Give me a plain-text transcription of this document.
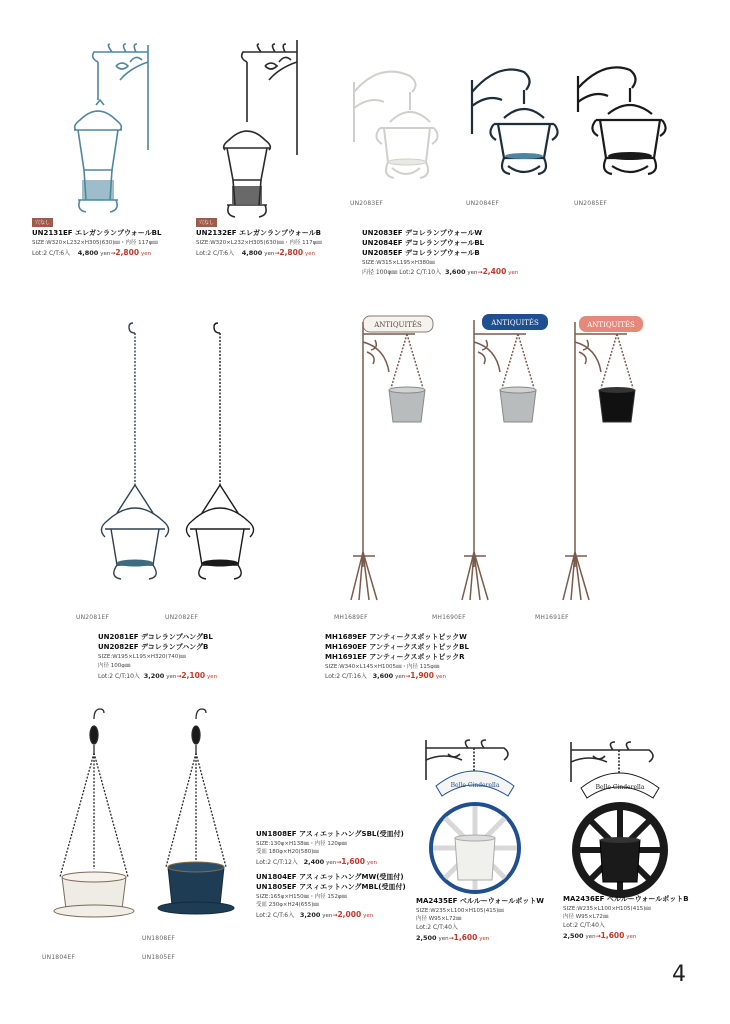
穴なし
UN2131EF エレガンランプウォールBL
SIZE:W320×L232×H305(630)㎜・内径 117φ㎜
Lot:2 C/T:6入 4,800 yen→2,800 yen
穴なし
UN2132EF エレガンランプウォールB
SIZE:W320×L232×H305(630)㎜・内径 117φ㎜
Lot:2 C/T:6入 4,800 yen→2,800 yen
UN2083EF	UN2084EF	UN2085EF
UN2083EF デコレランプウォールW
UN2084EF デコレランプウォールBL
UN2085EF デコレランプウォールB
SIZE:W315×L195×H380㎜
内径 100φ㎜ Lot:2 C/T:10入 3,600 yen→2,400 yen
UN2081EF	UN2082EF
UN2081EF デコレランプハングBL
UN2082EF デコレランプハングB
SIZE:W195×L195×H320(740)㎜
内径 100φ㎜
Lot:2 C/T:10入 3,200 yen→2,100 yen
ANTIQUITÉS	ANTIQUITÉS	ANTIQUITÉS
MH1689EF	MH1690EF	MH1691EF
MH1689EF アンティークスポットピックW
MH1690EF アンティークスポットピックBL
MH1691EF アンティークスポットピックR
SIZE:W340×L145×H1005㎜・内径 115φ㎜
Lot:2 C/T:16入 3,600 yen→1,900 yen
UN1804EF
UN1808EF
UN1805EF
UN1808EF アスィエットハングSBL(受皿付)
SIZE:130φ×H138㎜・内径 120φ㎜
受皿 180φ×H20(580)㎜
Lot:2 C/T:12入 2,400 yen→1,600 yen
UN1804EF アスィエットハングMW(受皿付)
UN1805EF アスィエットハングMBL(受皿付)
SIZE:165φ×H150㎜・内径 152φ㎜
受皿 230φ×H24(655)㎜
Lot:2 C/T:6入 3,200 yen→2,000 yen
Belle Cinderella	Belle Cinderella
MA2435EF ベルルーウォールポットW
SIZE:W235×L100×H105(415)㎜
内径 W95×L72㎜
Lot:2 C/T:40入
2,500 yen→1,600 yen
MA2436EF ベルルーウォールポットB
SIZE:W235×L100×H105(415)㎜
内径 W95×L72㎜
Lot:2 C/T:40入
2,500 yen→1,600 yen
4
